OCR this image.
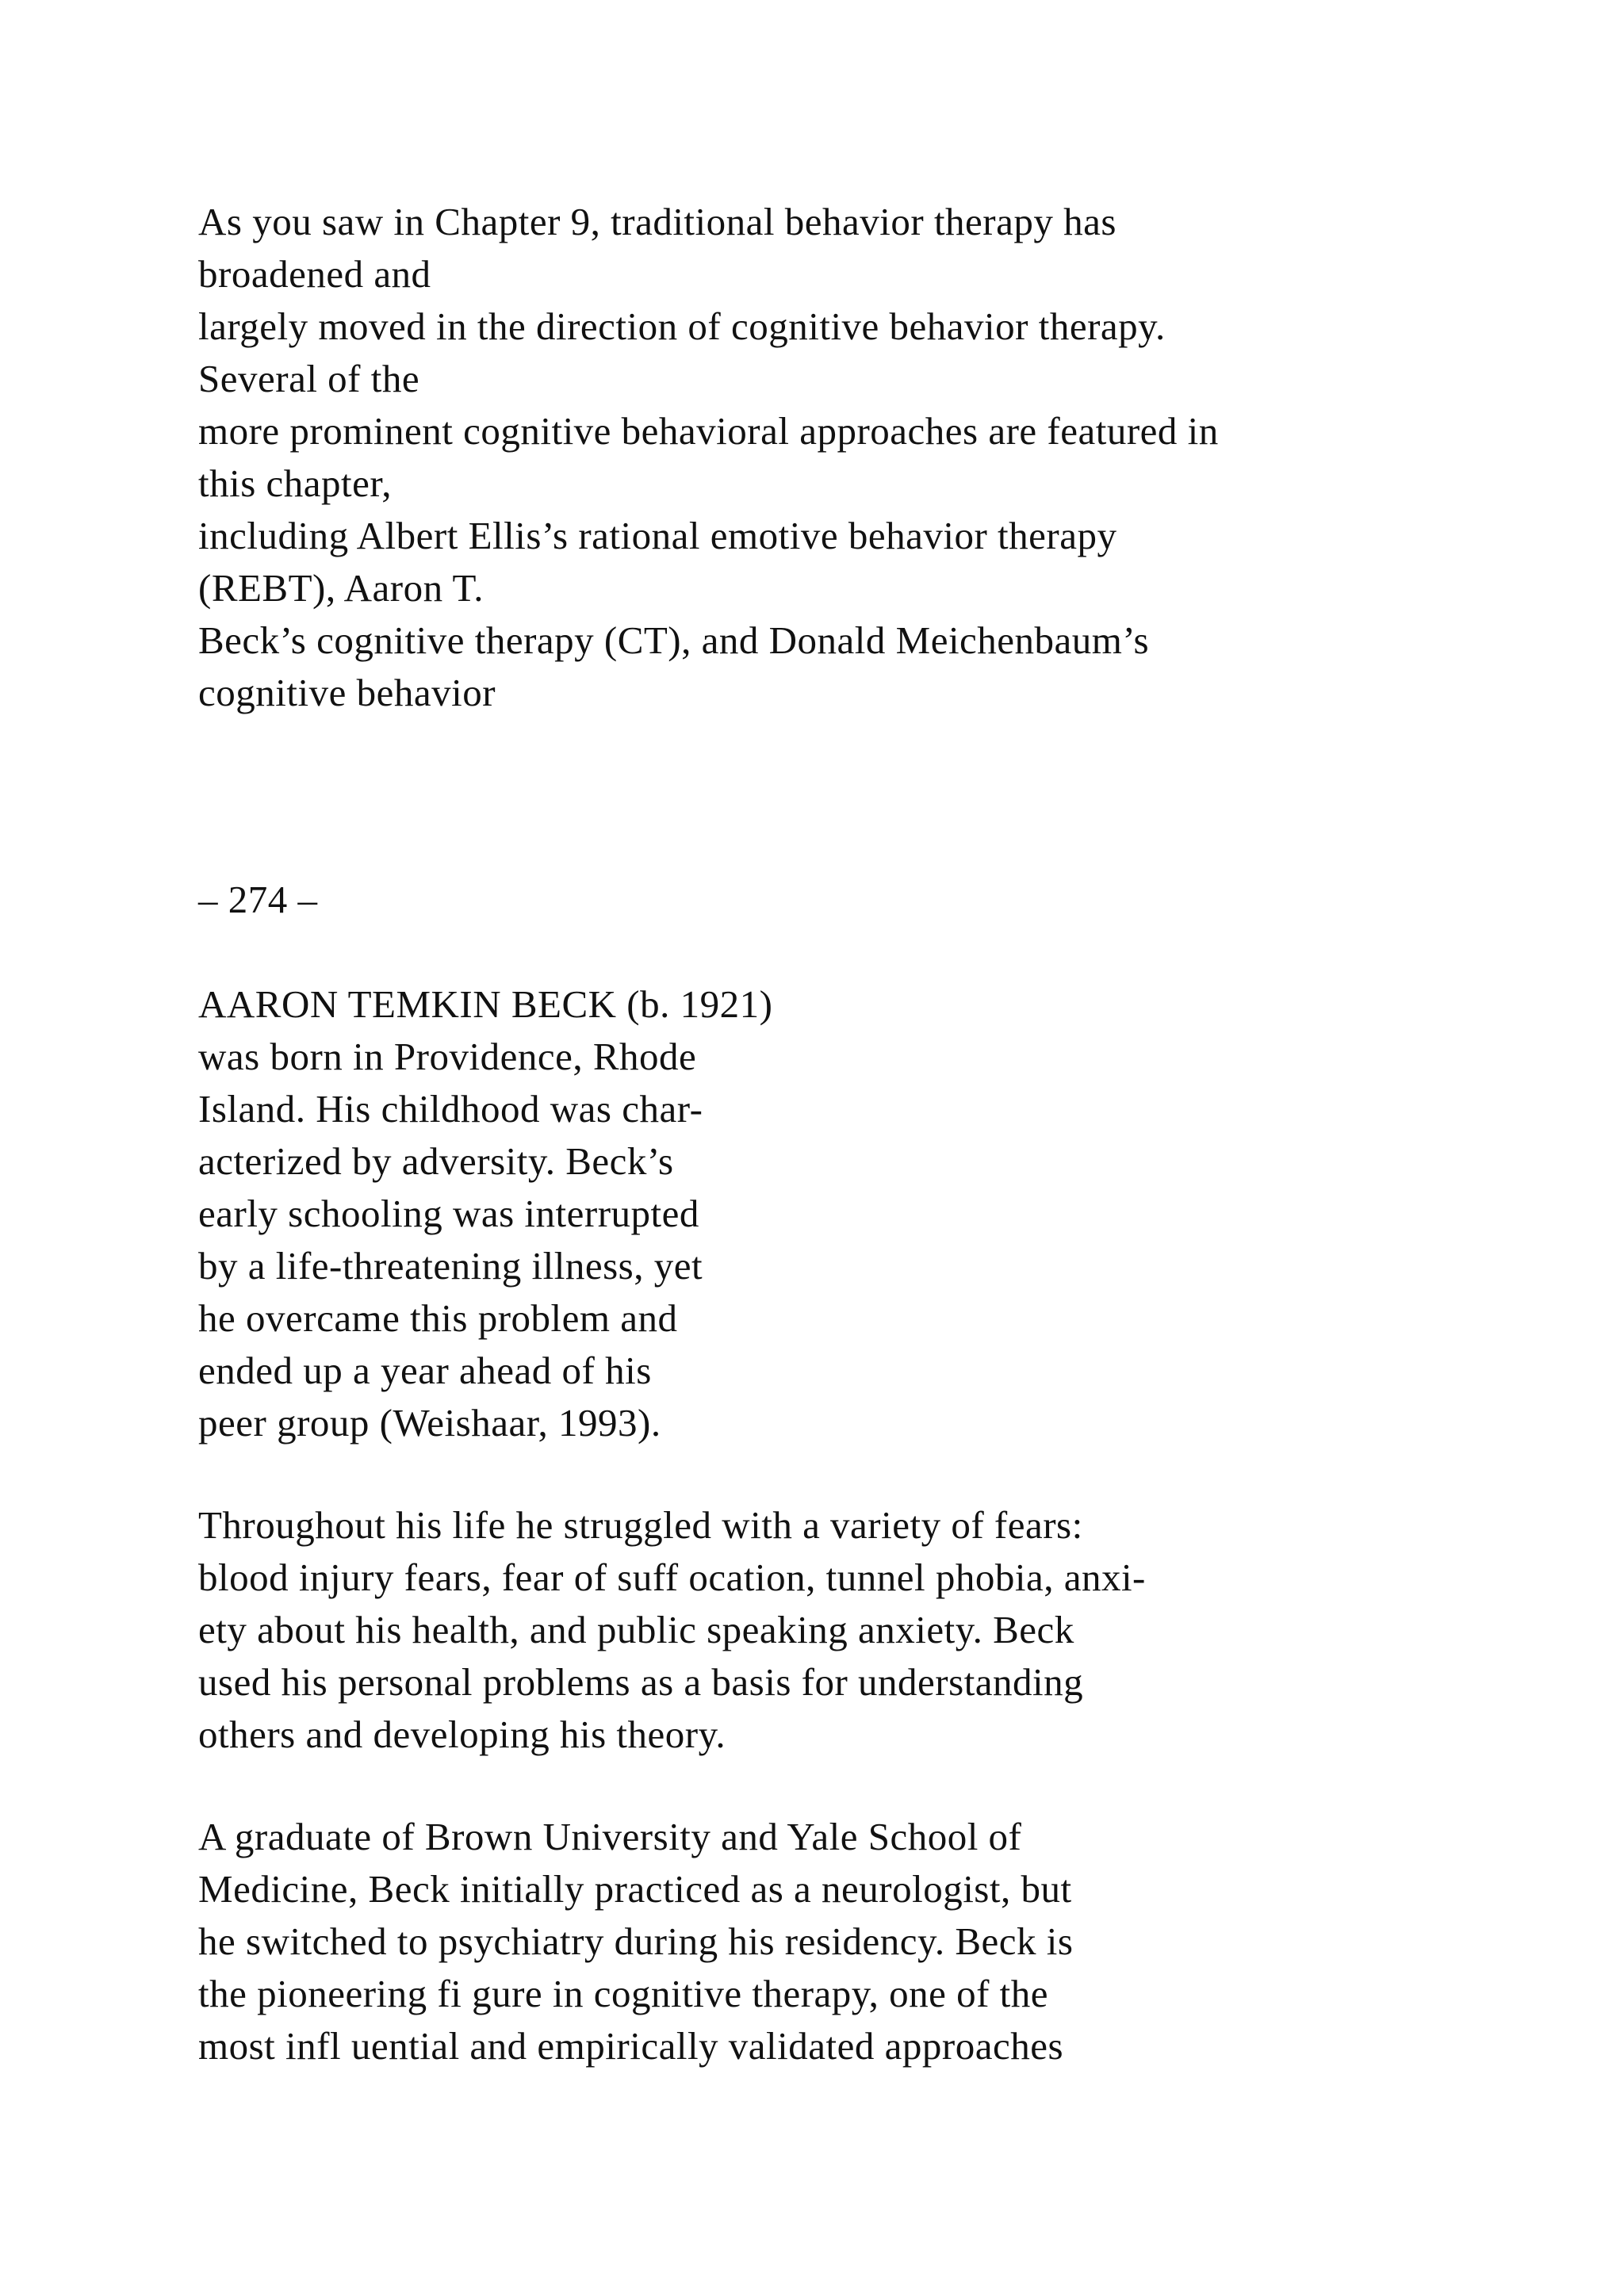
As you saw in Chapter 9, traditional behavior therapy has
broadened and
largely moved in the direction of cognitive behavior therapy.
Several of the
more prominent cognitive behavioral approaches are featured in
this chapter,
including Albert Ellis’s rational emotive behavior therapy
(REBT), Aaron T.
Beck’s cognitive therapy (CT), and Donald Meichenbaum’s
cognitive behavior
– 274 –
AARON TEMKIN BECK (b. 1921)
was born in Providence, Rhode
Island. His childhood was char-
acterized by adversity. Beck’s
early schooling was interrupted
by a life-threatening illness, yet
he overcame this problem and
ended up a year ahead of his
peer group (Weishaar, 1993).
Throughout his life he struggled with a variety of fears:
blood injury fears, fear of suff ocation, tunnel phobia, anxi-
ety about his health, and public speaking anxiety. Beck
used his personal problems as a basis for understanding
others and developing his theory.
A graduate of Brown University and Yale School of
Medicine, Beck initially practiced as a neurologist, but
he switched to psychiatry during his residency. Beck is
the pioneering fi gure in cognitive therapy, one of the
most infl uential and empirically validated approaches
